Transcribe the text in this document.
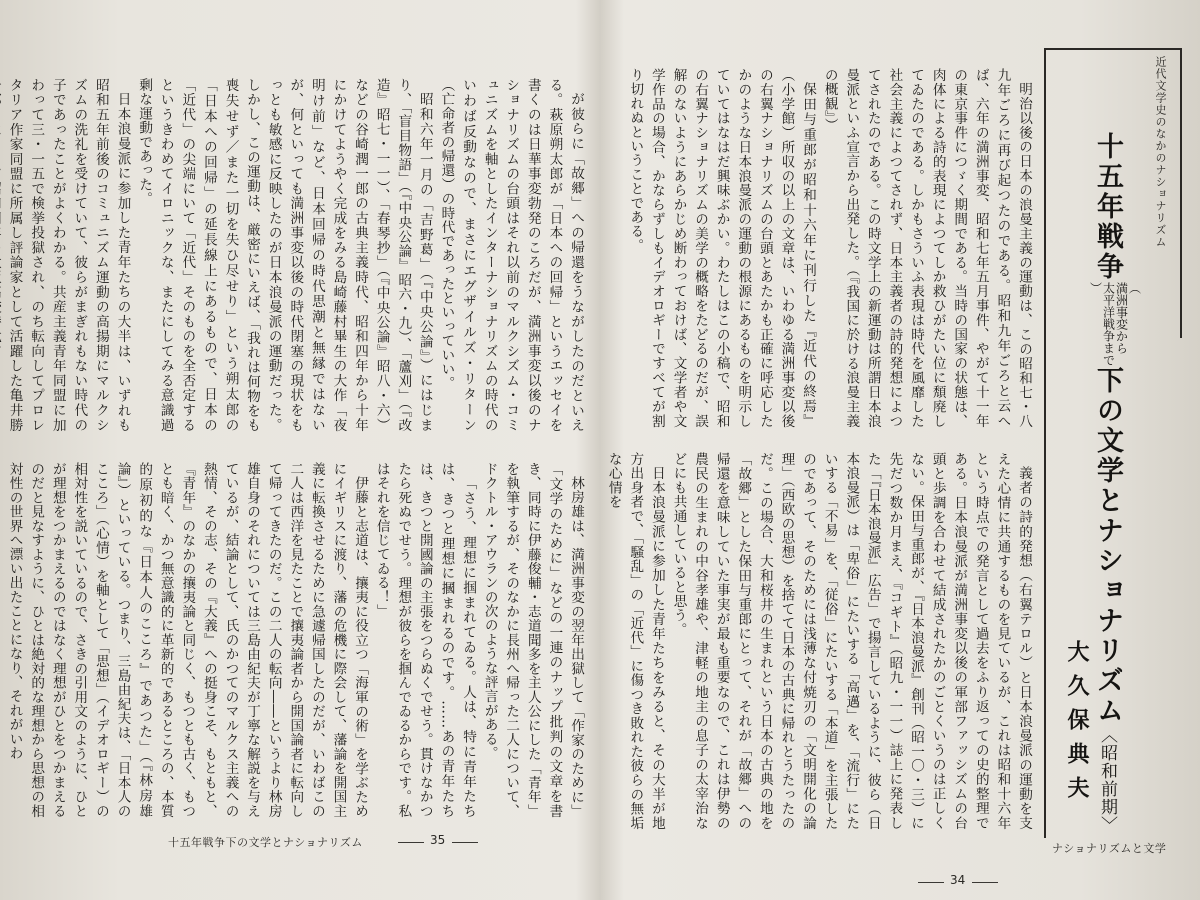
が彼らに「故郷」への帰還をうながしたのだといえる。萩原朔太郎が「日本への回帰」というエッセイを書くのは日華事変勃発のころだが、満洲事変以後のナショナリズムの台頭はそれ以前のマルクシズム・コミュニズムを軸としたインターナショナリズムの時代のいわば反動なので、まさにエグザイルズ・リターン（亡命者の帰還）の時代であったといっていい。

昭和六年一月の「吉野葛」（『中央公論』）にはじまり、「盲目物語」（『中央公論』昭六・九）、「蘆刈」（『改造』昭七・一一）、「春琴抄」（『中央公論』昭八・六）などの谷崎潤一郎の古典主義時代、昭和四年から十年にかけてようやく完成をみる島崎藤村畢生の大作「夜明け前」など、日本回帰の時代思潮と無縁ではないが、何といっても満洲事変以後の時代閉塞の現状をもっとも敏感に反映したのが日本浪曼派の運動だった。しかし、この運動は、厳密にいえば、「我れは何物をも喪失せず／また一切を失ひ尽せり」という朔太郎の「日本への回帰」の延長線上にあるもので、日本の「近代」の尖端にいて「近代」そのものを全否定するというきわめてイロニックな、またにしてみる意識過剰な運動であった。

日本浪曼派に参加した青年たちの大半は、いずれも昭和五年前後のコミュニズム運動の高揚期にマルクシズムの洗礼を受けていて、彼らがまぎれもない時代の子であったことがよくわかる。共産主義青年同盟に加わって三・一五で検挙投獄され、のち転向してプロレタリア作家同盟に所属し評論家として活躍した亀井勝

林房雄は、満洲事変の翌年出獄して「作家のために」「文学のために」などの一連のナップ批判の文章を書き、同時に伊藤俊輔・志道聞多を主人公にした「青年」を執筆するが、そのなかに長州へ帰った二人について、ドクトル・アウランの次のような評言がある。

「さう、理想に掴まれてゐる。人は、特に青年たちは、きつと理想に摑まれるのです。……あの青年たちは、きつと開國論の主張をつらぬくでせう。貫けなかつたら死ぬでせう。理想が彼らを掴んでゐるからです。私はそれを信じてゐる！」

伊藤と志道は、攘夷に役立つ「海軍の術」を学ぶためにイギリスに渡り、藩の危機に際会して、藩論を開国主義に転換させるために急遽帰国したのだが、いわばこの二人は西洋を見たことで攘夷論者から開国論者に転向して帰ってきたのだ。この二人の転向――というより林房雄自身のそれについては三島由紀夫が丁寧な解説を与えているが、結論として、氏のかつてのマルクス主義への熱情、その志、その『大義』への挺身こそ、もともと、『青年』のなかの攘夷論と同じく、もつとも古く、もつとも暗く、かつ無意識的に革新的であるところの、本質的原初的な『日本人のこころ』であつた」（『林房雄論』）といっている。つまり、三島由紀夫は、「日本人のこころ」（心情）を軸として「思想」（イデオロギー）の相対性を説いているので、さきの引用文のように、ひとが理想をつかまえるのではなく理想がひとをつかまえるのだと見なすように、ひとは絶対的な理想から思想の相対性の世界へ漂い出たことになり、それがいわ

十五年戦争下の文学とナショナリズム	35

明治以後の日本の浪曼主義の運動は、この昭和七・八九年ごろに再び起つたのである。昭和九年ごろと云へば、六年の満洲事変、昭和七年五月事件、やがて十一年の東京事件につゞく期間である。当時の国家の状態は、肉体による詩的表現によつてしか救ひがたい位に頽廃してゐたのである。しかもさういふ表現は時代を風靡した社会主義によつてされず、日本主義者の詩的発想によつてされたのである。この時文学上の新運動は所謂日本浪曼派といふ宣言から出発した。（『我国に於ける浪曼主義の概観』）

保田与重郎が昭和十六年に刊行した『近代の終焉』（小学館）所収の以上の文章は、いわゆる満洲事変以後の右翼ナショナリズムの台頭とあたかも正確に呼応したかのような日本浪曼派の運動の根源にあるものを明示していてはなはだ興味ぶかい。わたしはこの小稿で、昭和の右翼ナショナリズムの美学の概略をたどるのだが、誤解のないようにあらかじめ断わっておけば、文学者や文学作品の場合、かならずしもイデオロギーですべてが割り切れぬということである。

義者の詩的発想（右翼テロル）と日本浪曼派の運動を支えた心情に共通するものを見ているが、これは昭和十六年という時点での発言として過去をふり返っての史的整理である。日本浪曼派が満洲事変以後の軍部ファッシズムの台頭と歩調を合わせて結成されたかのごとくいうのは正しくない。保田与重郎が、『日本浪曼派』創刊（昭一〇・三）に先だつ数か月まえ、『コギト』（昭九・一一）誌上に発表した「『日本浪曼派』広告」で揚言しているように、彼ら（日本浪曼派）は「卑俗」にたいする「高邁」を、「流行」にたいする「不易」を、「従俗」にたいする「本道」を主張したのであって、そのためには浅薄な付焼刃の「文明開化の論理」（西欧の思想）を捨てて日本の古典に帰れとうたったのだ。この場合、大和桜井の生まれという日本の古典の地を「故郷」とした保田与重郎にとって、それが「故郷」への帰還を意味していた事実が最も重要なので、これは伊勢の農民の生まれの中谷孝雄や、津軽の地主の息子の太宰治などにも共通していると思う。

日本浪曼派に参加した青年たちをみると、その大半が地方出身者で、「騒乱」の「近代」に傷つき敗れた彼らの無垢な心情を

近代文学史のなかのナショナリズム
十五年戦争（
満洲事変から
太平洋戦争まで
）下の文学とナショナリズム〈昭和前期〉
大久保典夫
ナショナリズムと文学
34
